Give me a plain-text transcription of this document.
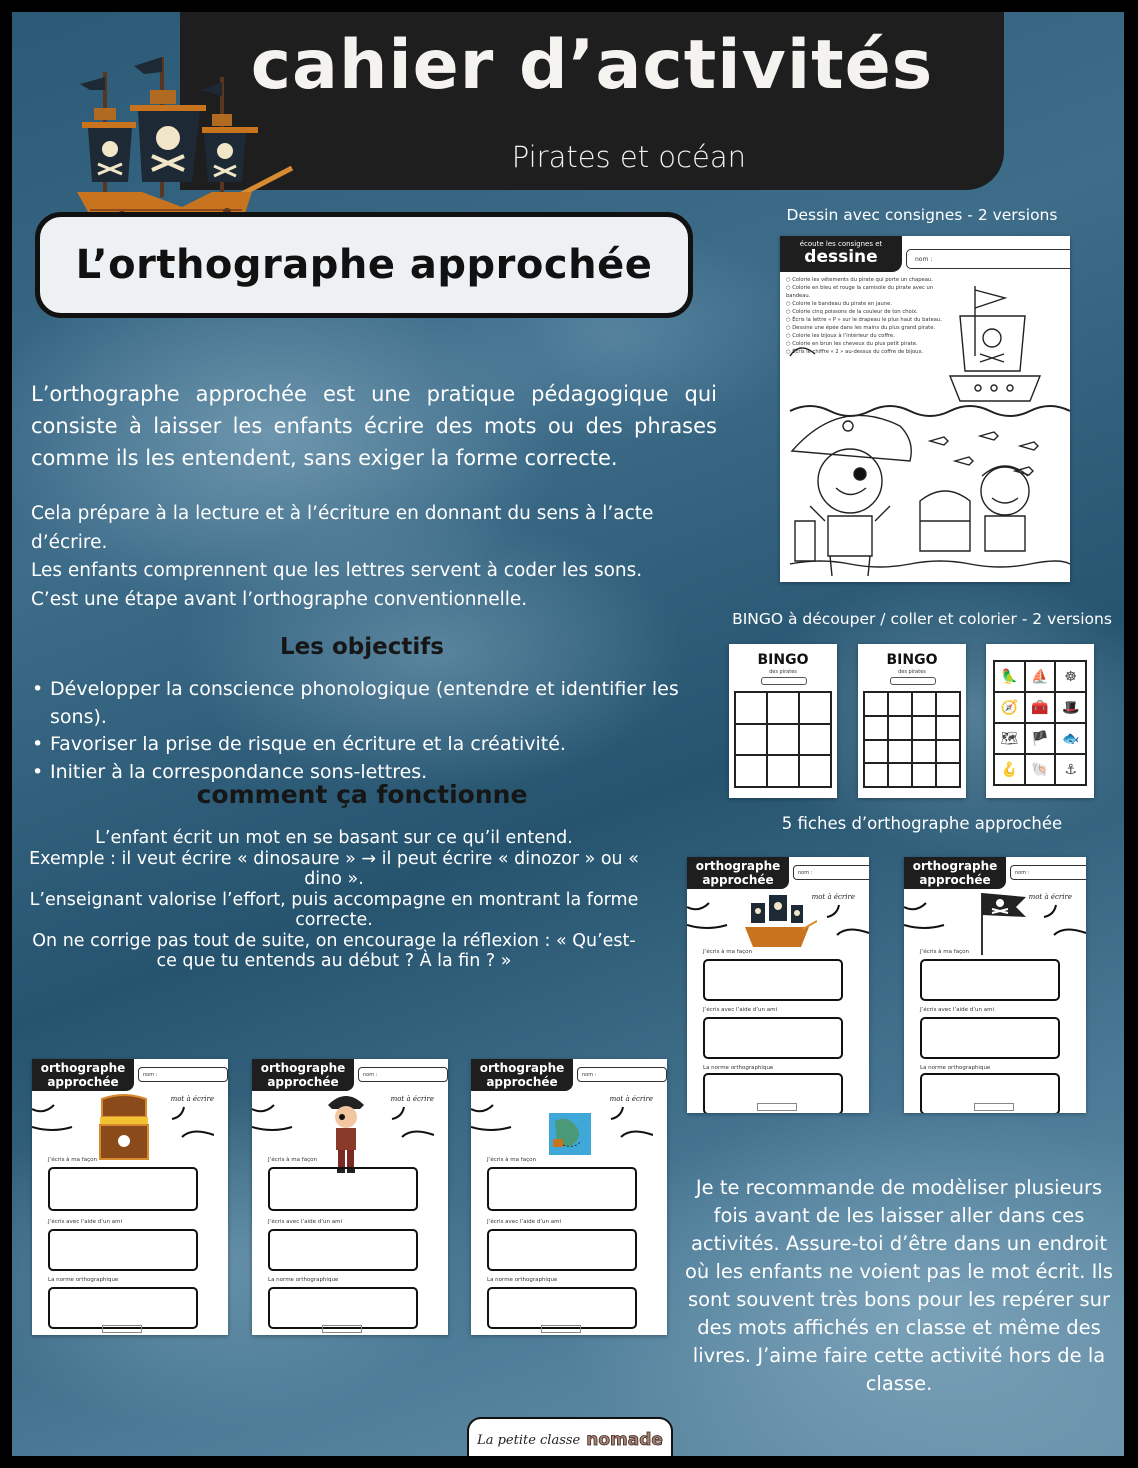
cahier d’activités
Pirates et océan
L’orthographe approchée

L’orthographe approchée est une pratique pédagogique qui consiste à laisser les enfants écrire des mots ou des phrases comme ils les entendent, sans exiger la forme correcte.

Cela prépare à la lecture et à l’écriture en donnant du sens à l’acte d’écrire.
Les enfants comprennent que les lettres servent à coder les sons.
C’est une étape avant l’orthographe conventionnelle.
Les objectifs
• Développer la conscience phonologique (entendre et identifier les sons).
• Favoriser la prise de risque en écriture et la créativité.
• Initier à la correspondance sons-lettres.
comment ça fonctionne
L’enfant écrit un mot en se basant sur ce qu’il entend.
Exemple : il veut écrire « dinosaure » → il peut écrire « dinozor » ou « dino ».
L’enseignant valorise l’effort, puis accompagne en montrant la forme correcte.
On ne corrige pas tout de suite, on encourage la réflexion : « Qu’est-ce que tu entends au début ? À la fin ? »
Dessin avec consignes - 2 versions
BINGO à découper / coller et colorier - 2 versions
5 fiches d’orthographe approchée
écoute les consignes et
dessine	nom :
○ Colorie les vêtements du pirate qui porte un chapeau.
○ Colorie en bleu et rouge la camisole du pirate avec un bandeau.
○ Colorie le bandeau du pirate en jaune.
○ Colorie cinq poissons de la couleur de ton choix.
○ Écris la lettre « P » sur le drapeau le plus haut du bateau.
○ Dessine une épée dans les mains du plus grand pirate.
○ Colorie les bijoux à l’intérieur du coffre.
○ Colorie en brun les cheveux du plus petit pirate.
○ Écris le chiffre « 2 » au-dessus du coffre de bijoux.
BINGO
des pirates
BINGO
des pirates	🦜 ⛵	☸
🧭 🧰 🎩
🗺 🏴 🐟
🪝 🐚	⚓
orthographe
approchée	nom :
mot à écrire
J’écris à ma façon
J’écris avec l’aide d’un ami
La norme orthographique
orthographe
approchée	nom :
mot à écrire
J’écris à ma façon
J’écris avec l’aide d’un ami
La norme orthographique
orthographe
approchée	nom :
mot à écrire
J’écris à ma façon
J’écris avec l’aide d’un ami
La norme orthographique
orthographe
approchée	nom :
mot à écrire
J’écris à ma façon
J’écris avec l’aide d’un ami
La norme orthographique
orthographe
approchée	nom :
mot à écrire
J’écris à ma façon
J’écris avec l’aide d’un ami
La norme orthographique

Je te recommande de modèliser plusieurs fois avant de les laisser aller dans ces activités. Assure-toi d’être dans un endroit où les enfants ne voient pas le mot écrit. Ils sont souvent très bons pour les repérer sur des mots affichés en classe et même des livres. J’aime faire cette activité hors de la classe.

La petite classe nomade
